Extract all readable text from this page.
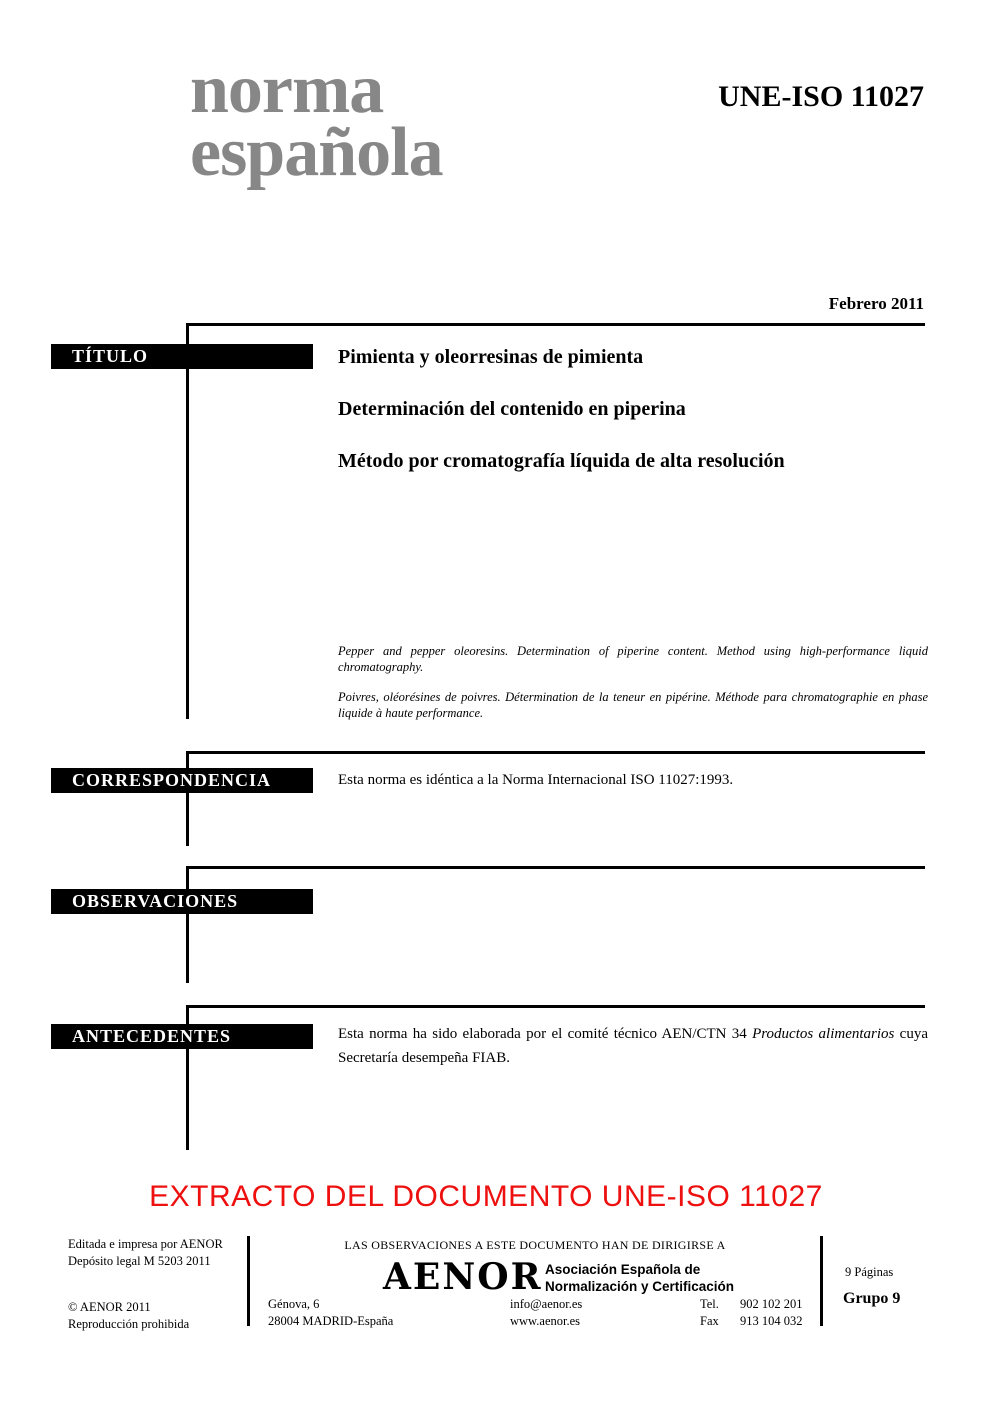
norma
española
UNE-ISO 11027
Febrero 2011
TÍTULO	Pimienta y oleorresinas de pimienta
Determinación del contenido en piperina
Método por cromatografía líquida de alta resolución
Pepper and pepper oleoresins. Determination of piperine content. Method using high-performance liquid chromatography.
Poivres, oléorésines de poivres. Détermination de la teneur en pipérine. Méthode para chromatographie en phase liquide à haute performance.
CORRESPONDENCIA	Esta norma es idéntica a la Norma Internacional ISO 11027:1993.
OBSERVACIONES
ANTECEDENTES	Esta norma ha sido elaborada por el comité técnico AEN/CTN 34 Productos alimentarios cuya Secretaría desempeña FIAB.
EXTRACTO DEL DOCUMENTO UNE-ISO 11027
Editada e impresa por AENOR
Depósito legal M 5203 2011
© AENOR 2011
Reproducción prohibida
LAS OBSERVACIONES A ESTE DOCUMENTO HAN DE DIRIGIRSE A
AENOR Asociación Española de
Normalización y Certificación
Génova, 6
28004 MADRID-España
info@aenor.es
www.aenor.es
Tel.	902 102 201
Fax	913 104 032
9 Páginas
Grupo 9
